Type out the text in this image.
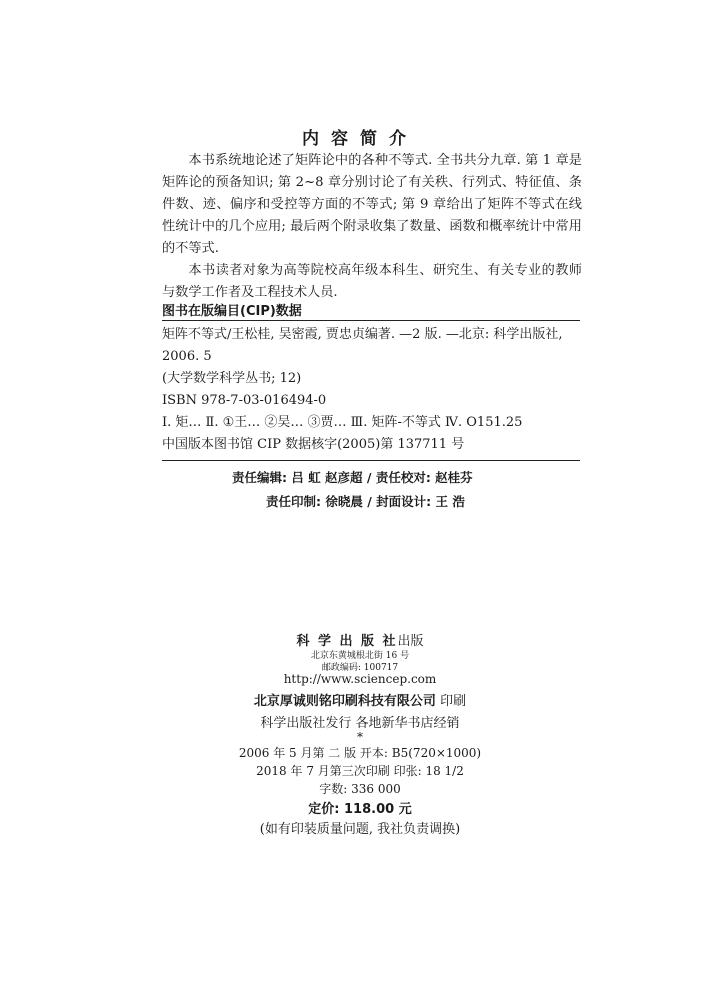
内容简介

本书系统地论述了矩阵论中的各种不等式. 全书共分九章. 第 1 章是矩阵论的预备知识; 第 2~8 章分别讨论了有关秩、行列式、特征值、条件数、迹、偏序和受控等方面的不等式; 第 9 章给出了矩阵不等式在线性统计中的几个应用; 最后两个附录收集了数量、函数和概率统计中常用的不等式.

本书读者对象为高等院校高年级本科生、研究生、有关专业的教师与数学工作者及工程技术人员.

图书在版编目(CIP)数据
矩阵不等式/王松桂, 吴密霞, 贾忠贞编著. —2 版. —北京: 科学出版社,
2006. 5
(大学数学科学丛书; 12)
ISBN 978-7-03-016494-0
Ⅰ. 矩… Ⅱ. ①王… ②吴… ③贾… Ⅲ. 矩阵-不等式 Ⅳ. O151.25
中国版本图书馆 CIP 数据核字(2005)第 137711 号
责任编辑: 吕 虹 赵彦超 / 责任校对: 赵桂芬
责任印制: 徐晓晨 / 封面设计: 王 浩
科 学 出 版 社出版
北京东黄城根北街 16 号
邮政编码: 100717
http://www.sciencep.com
北京厚诚则铭印刷科技有限公司 印刷
科学出版社发行 各地新华书店经销
*
2006 年 5 月第 二 版 开本: B5(720×1000)
2018 年 7 月第三次印刷 印张: 18 1/2
字数: 336 000
定价: 118.00 元
(如有印装质量问题, 我社负责调换)
